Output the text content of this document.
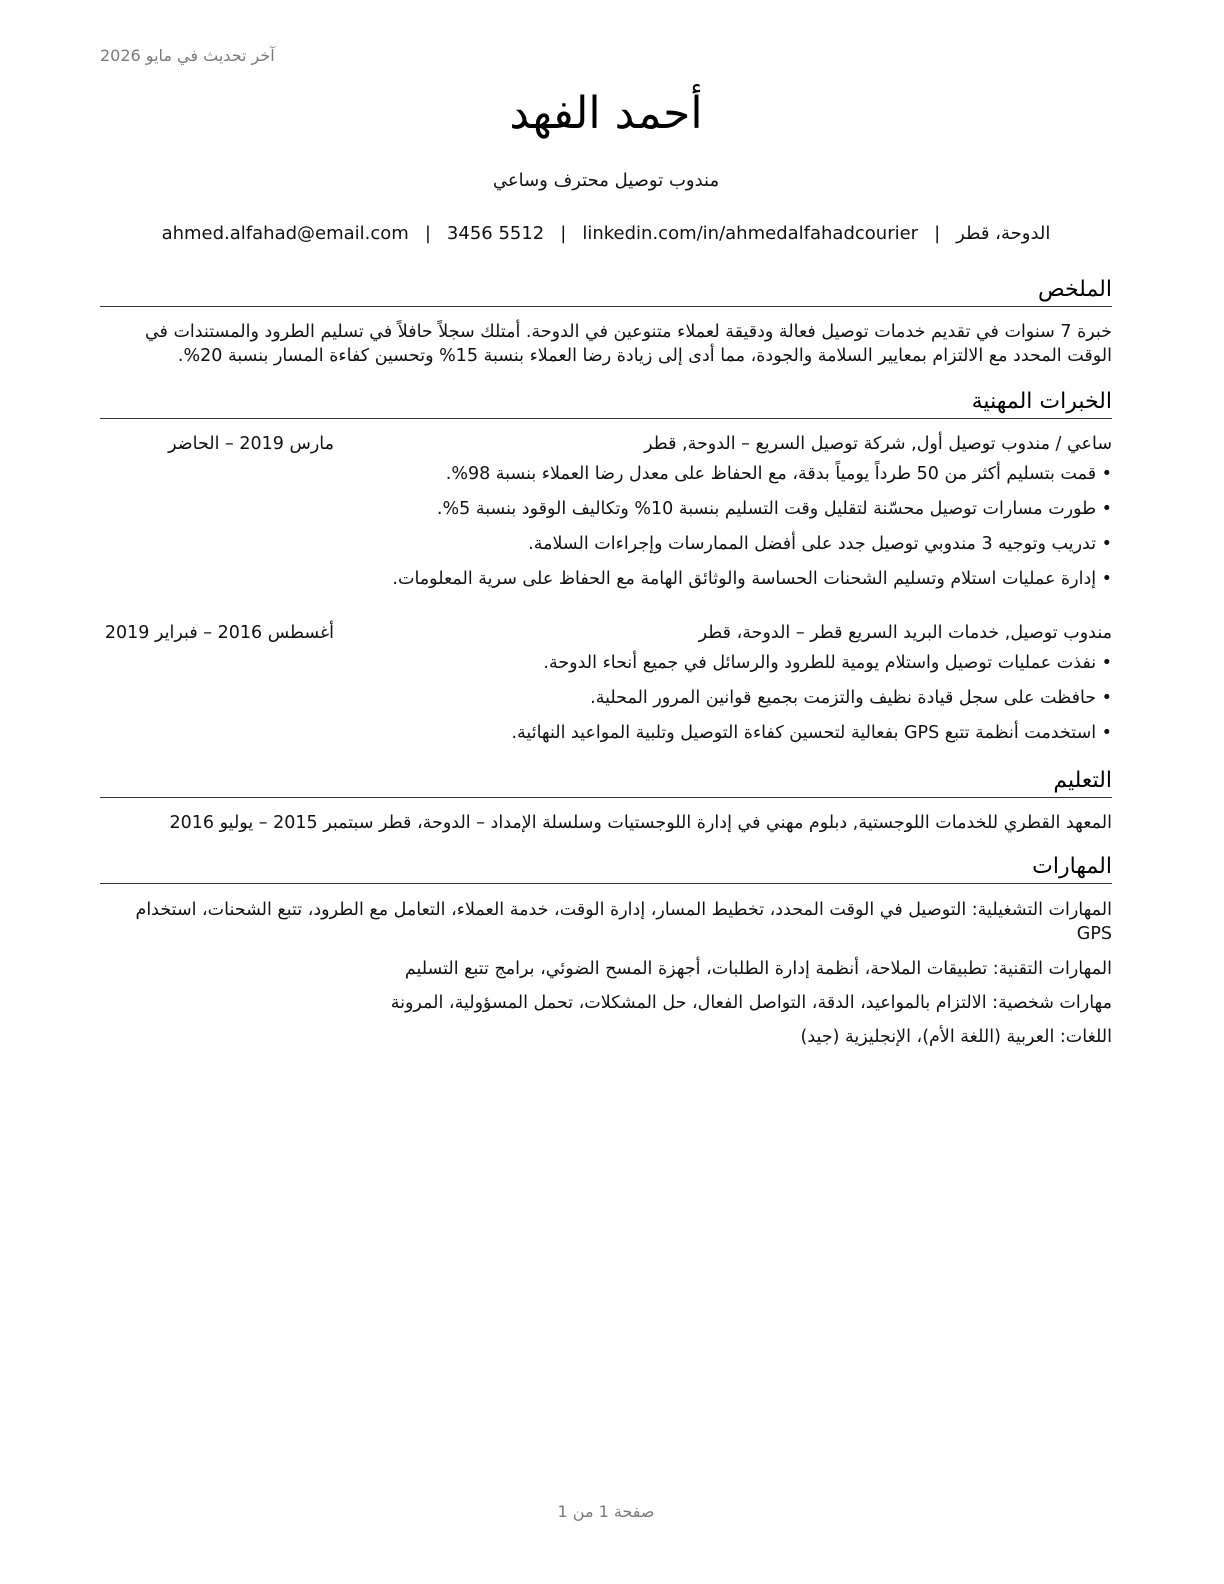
آخر تحديث في مايو 2026
أحمد الفهد
مندوب توصيل محترف وساعي
الدوحة، قطر|ahmed.alfahad@email.com | 3456 5512 | linkedin.com/in/ahmedalfahadcourier
الملخص
خبرة 7 سنوات في تقديم خدمات توصيل فعالة ودقيقة لعملاء متنوعين في الدوحة. أمتلك سجلاً حافلاً في تسليم الطرود والمستندات في الوقت المحدد مع الالتزام بمعايير السلامة والجودة، مما أدى إلى زيادة رضا العملاء بنسبة 15% وتحسين كفاءة المسار بنسبة 20%.
الخبرات المهنية
ساعي / مندوب توصيل أول, شركة توصيل السريع – الدوحة, قطر
مارس 2019 – الحاضر
• قمت بتسليم أكثر من 50 طرداً يومياً بدقة، مع الحفاظ على معدل رضا العملاء بنسبة 98%.
• طورت مسارات توصيل محسّنة لتقليل وقت التسليم بنسبة 10% وتكاليف الوقود بنسبة 5%.
• تدريب وتوجيه 3 مندوبي توصيل جدد على أفضل الممارسات وإجراءات السلامة.
• إدارة عمليات استلام وتسليم الشحنات الحساسة والوثائق الهامة مع الحفاظ على سرية المعلومات.
مندوب توصيل, خدمات البريد السريع قطر – الدوحة، قطر
أغسطس 2016 – فبراير 2019
• نفذت عمليات توصيل واستلام يومية للطرود والرسائل في جميع أنحاء الدوحة.
• حافظت على سجل قيادة نظيف والتزمت بجميع قوانين المرور المحلية.
• استخدمت أنظمة تتبع GPS بفعالية لتحسين كفاءة التوصيل وتلبية المواعيد النهائية.
التعليم
المعهد القطري للخدمات اللوجستية, دبلوم مهني في إدارة اللوجستيات وسلسلة الإمداد – الدوحة، قطر سبتمبر 2015 – يوليو 2016
المهارات
المهارات التشغيلية: التوصيل في الوقت المحدد، تخطيط المسار، إدارة الوقت، خدمة العملاء، التعامل مع الطرود، تتبع الشحنات، استخدام GPS
المهارات التقنية: تطبيقات الملاحة، أنظمة إدارة الطلبات، أجهزة المسح الضوئي، برامج تتبع التسليم
مهارات شخصية: الالتزام بالمواعيد، الدقة، التواصل الفعال، حل المشكلات، تحمل المسؤولية، المرونة
اللغات: العربية (اللغة الأم)، الإنجليزية (جيد)
صفحة 1 من 1
